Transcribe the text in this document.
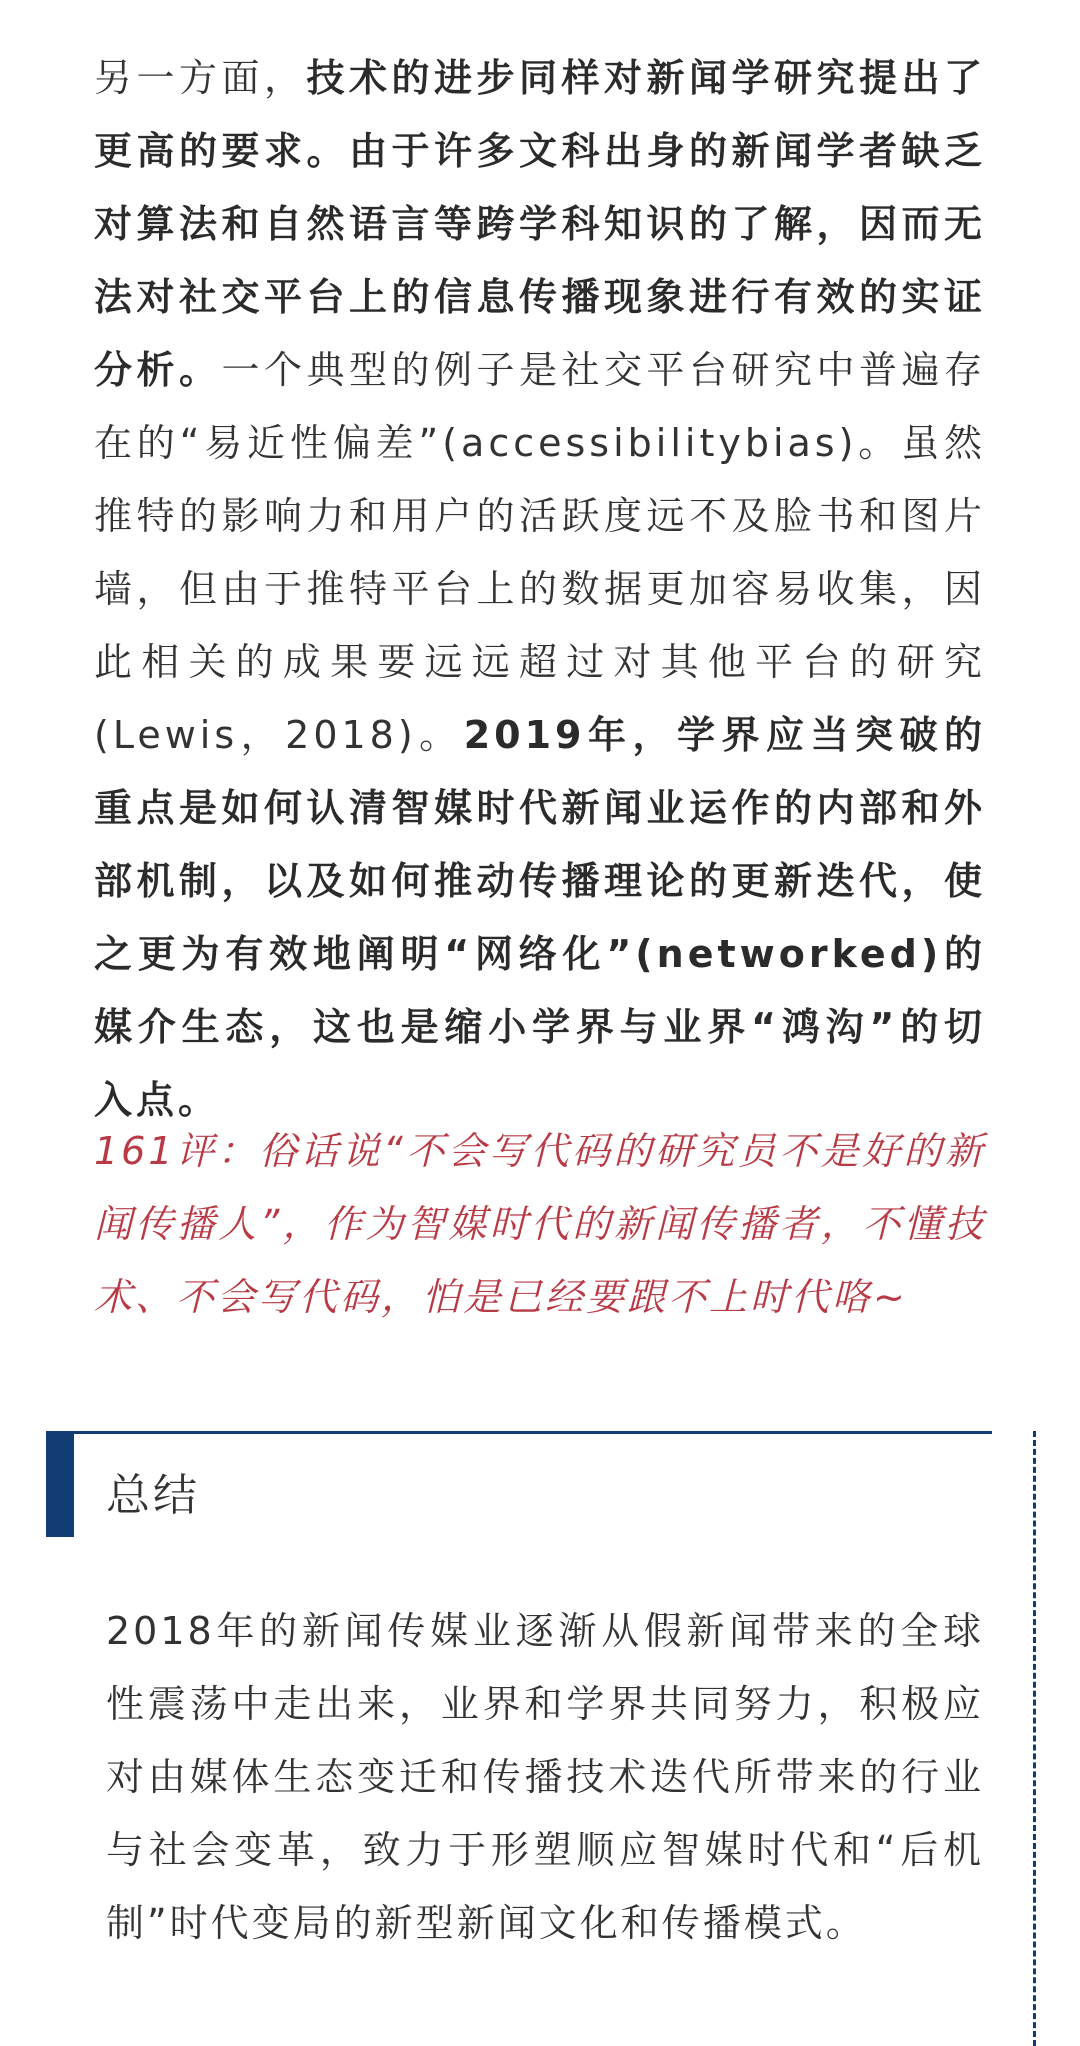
另一方面，技术的进步同样对新闻学研究提出了更高的要求。由于许多文科出身的新闻学者缺乏对算法和自然语言等跨学科知识的了解，因而无法对社交平台上的信息传播现象进行有效的实证分析。一个典型的例子是社交平台研究中普遍存在的“易近性偏差”(accessibilitybias)。虽然推特的影响力和用户的活跃度远不及脸书和图片墙，但由于推特平台上的数据更加容易收集，因此相关的成果要远远超过对其他平台的研究(Lewis，2018)。2019年，学界应当突破的重点是如何认清智媒时代新闻业运作的内部和外部机制，以及如何推动传播理论的更新迭代，使之更为有效地阐明“网络化”(networked)的媒介生态，这也是缩小学界与业界“鸿沟”的切入点。

161评：俗话说“不会写代码的研究员不是好的新闻传播人”，作为智媒时代的新闻传播者，不懂技术、不会写代码，怕是已经要跟不上时代咯~

总结

2018年的新闻传媒业逐渐从假新闻带来的全球性震荡中走出来，业界和学界共同努力，积极应对由媒体生态变迁和传播技术迭代所带来的行业与社会变革，致力于形塑顺应智媒时代和“后机制”时代变局的新型新闻文化和传播模式。
